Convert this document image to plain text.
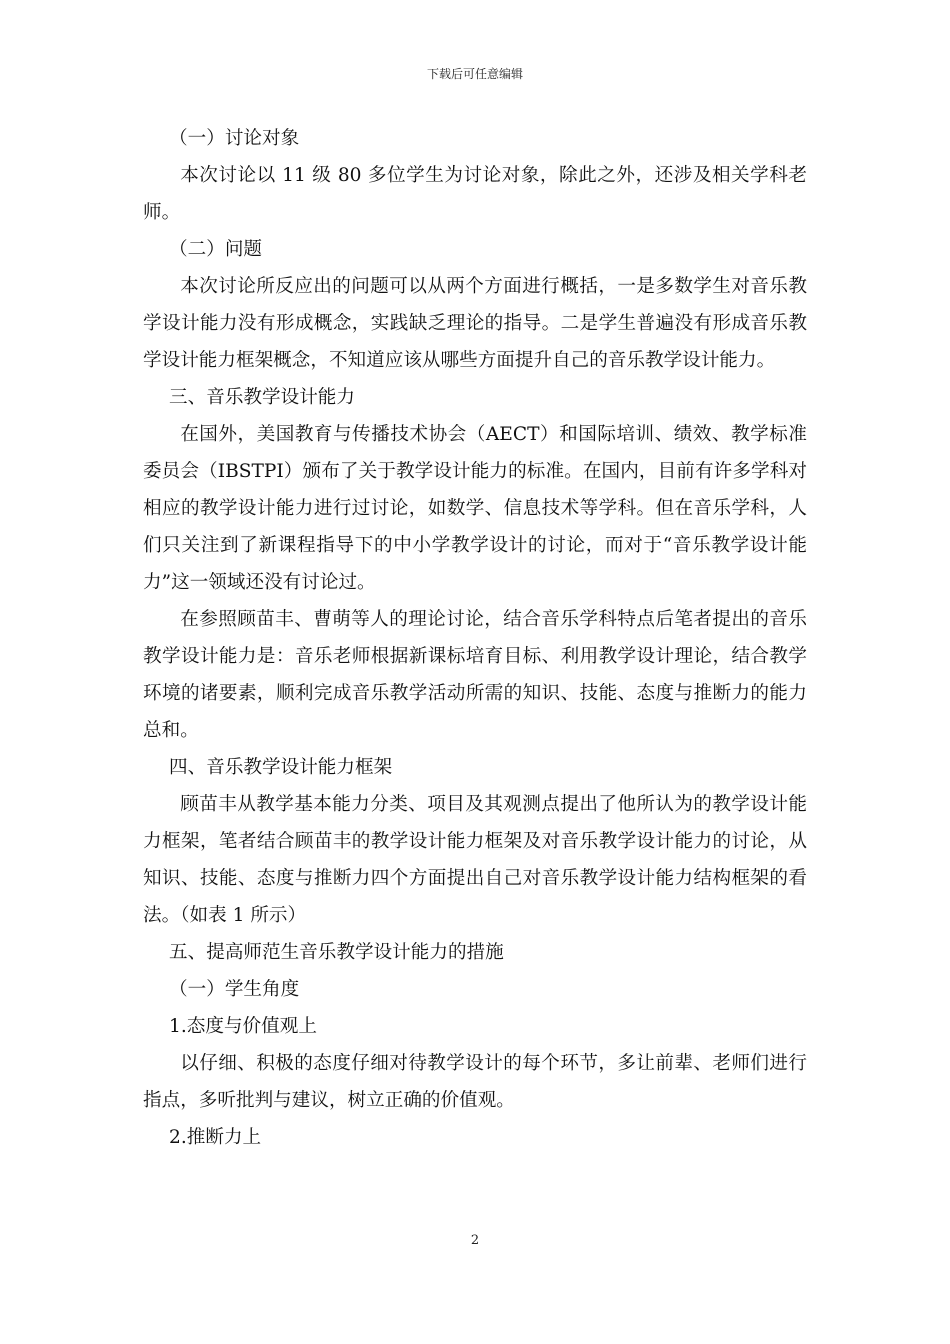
下载后可任意编辑

（一）讨论对象

本次讨论以 11 级 80 多位学生为讨论对象，除此之外，还涉及相关学科老师。

（二）问题

本次讨论所反应出的问题可以从两个方面进行概括，一是多数学生对音乐教学设计能力没有形成概念，实践缺乏理论的指导。二是学生普遍没有形成音乐教学设计能力框架概念，不知道应该从哪些方面提升自己的音乐教学设计能力。

三、音乐教学设计能力

在国外，美国教育与传播技术协会（AECT）和国际培训、绩效、教学标准委员会（IBSTPI）颁布了关于教学设计能力的标准。在国内，目前有许多学科对相应的教学设计能力进行过讨论，如数学、信息技术等学科。但在音乐学科，人们只关注到了新课程指导下的中小学教学设计的讨论，而对于“音乐教学设计能力”这一领域还没有讨论过。

在参照顾苗丰、曹萌等人的理论讨论，结合音乐学科特点后笔者提出的音乐教学设计能力是：音乐老师根据新课标培育目标、利用教学设计理论，结合教学环境的诸要素，顺利完成音乐教学活动所需的知识、技能、态度与推断力的能力总和。

四、音乐教学设计能力框架

顾苗丰从教学基本能力分类、项目及其观测点提出了他所认为的教学设计能力框架，笔者结合顾苗丰的教学设计能力框架及对音乐教学设计能力的讨论，从知识、技能、态度与推断力四个方面提出自己对音乐教学设计能力结构框架的看法。（如表 1 所示）

五、提高师范生音乐教学设计能力的措施

（一）学生角度

1.态度与价值观上

以仔细、积极的态度仔细对待教学设计的每个环节，多让前辈、老师们进行指点，多听批判与建议，树立正确的价值观。

2.推断力上

2
